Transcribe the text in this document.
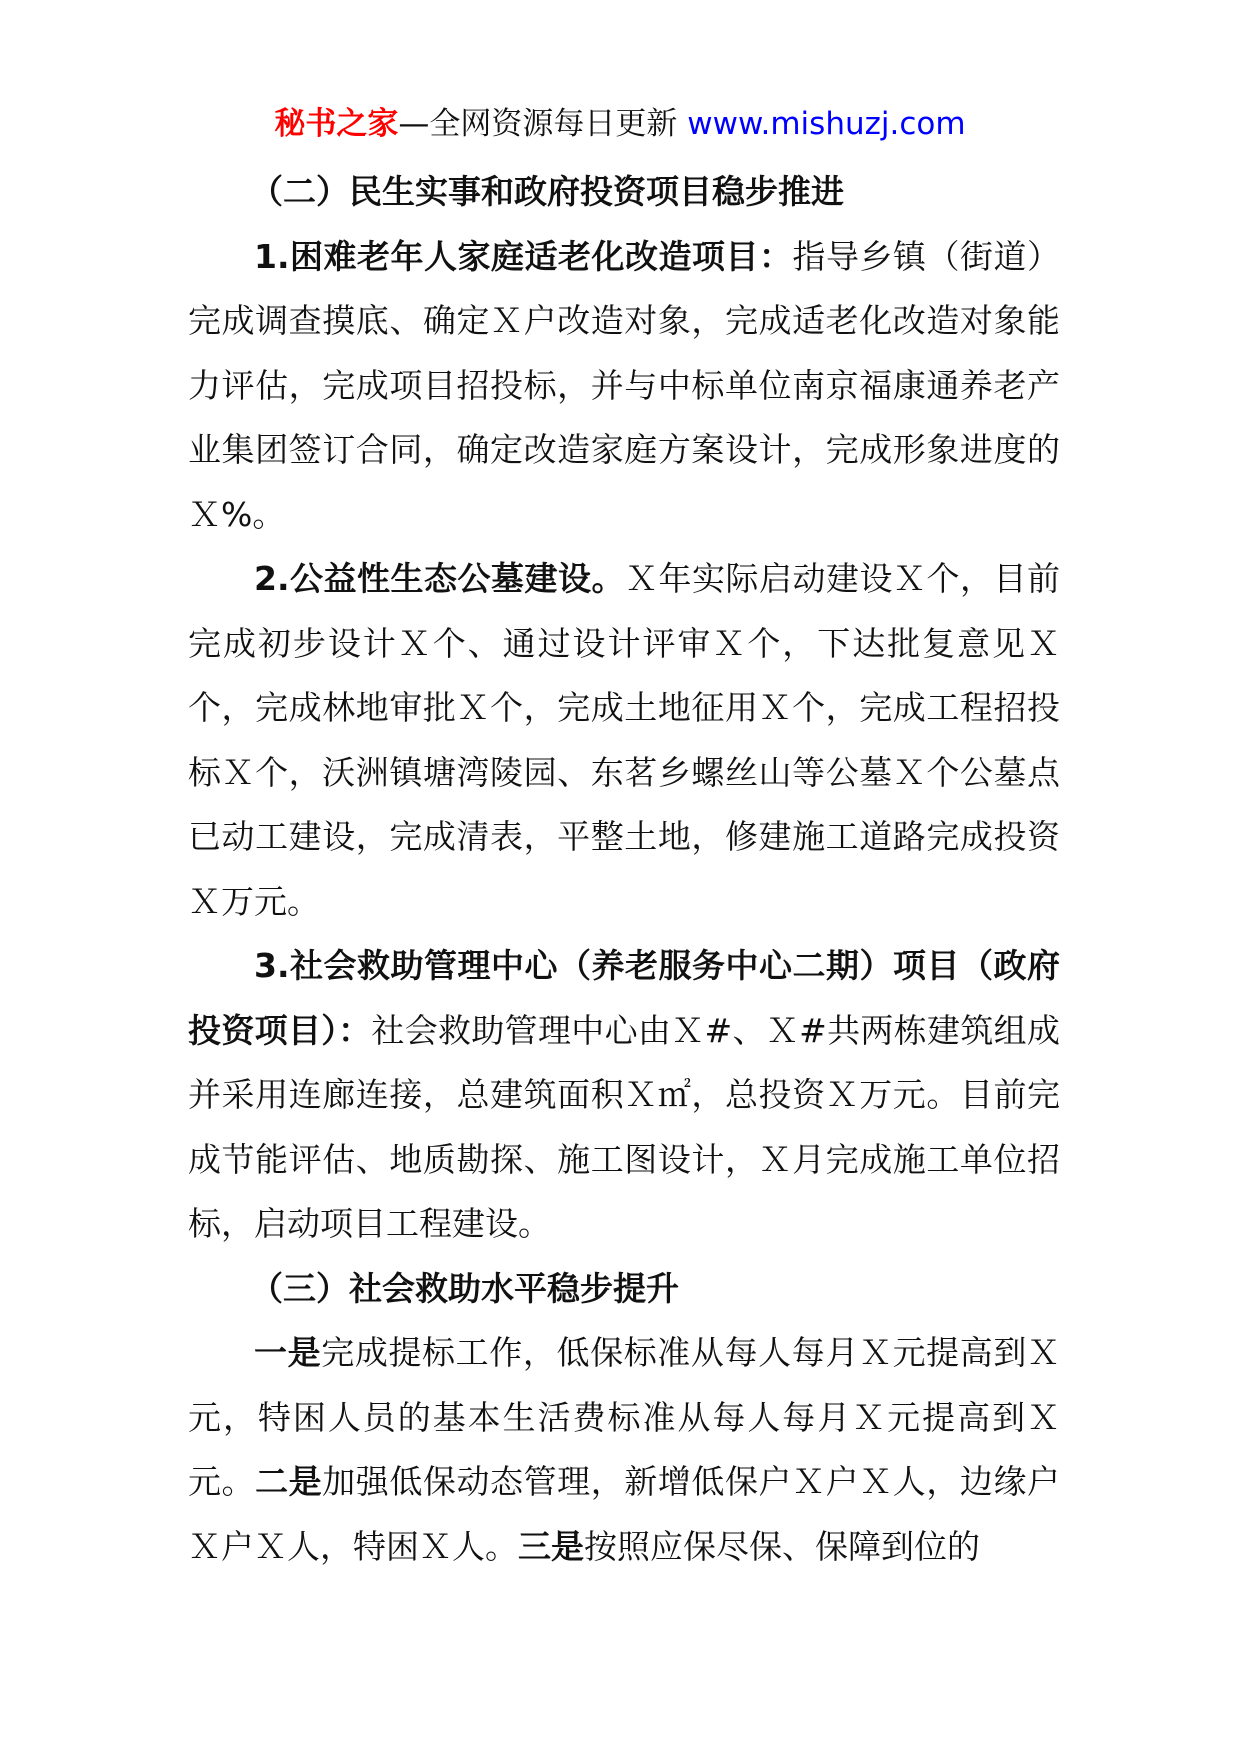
秘书之家—全网资源每日更新 www.mishuzj.com

（二）民生实事和政府投资项目稳步推进

1.困难老年人家庭适老化改造项目：指导乡镇（街道）完成调查摸底、确定Ｘ户改造对象，完成适老化改造对象能力评估，完成项目招投标，并与中标单位南京福康通养老产业集团签订合同，确定改造家庭方案设计，完成形象进度的Ｘ%。

2.公益性生态公墓建设。Ｘ年实际启动建设Ｘ个，目前完成初步设计Ｘ个、通过设计评审Ｘ个，下达批复意见Ｘ个，完成林地审批Ｘ个，完成土地征用Ｘ个，完成工程招投标Ｘ个，沃洲镇塘湾陵园、东茗乡螺丝山等公墓Ｘ个公墓点已动工建设，完成清表，平整土地，修建施工道路完成投资Ｘ万元。

3.社会救助管理中心（养老服务中心二期）项目（政府投资项目）：社会救助管理中心由Ｘ#、Ｘ#共两栋建筑组成并采用连廊连接，总建筑面积Ｘ㎡，总投资Ｘ万元。目前完成节能评估、地质勘探、施工图设计，Ｘ月完成施工单位招标，启动项目工程建设。

（三）社会救助水平稳步提升

一是完成提标工作，低保标准从每人每月Ｘ元提高到Ｘ元，特困人员的基本生活费标准从每人每月Ｘ元提高到Ｘ元。二是加强低保动态管理，新增低保户Ｘ户Ｘ人，边缘户Ｘ户Ｘ人，特困Ｘ人。三是按照应保尽保、保障到位的
